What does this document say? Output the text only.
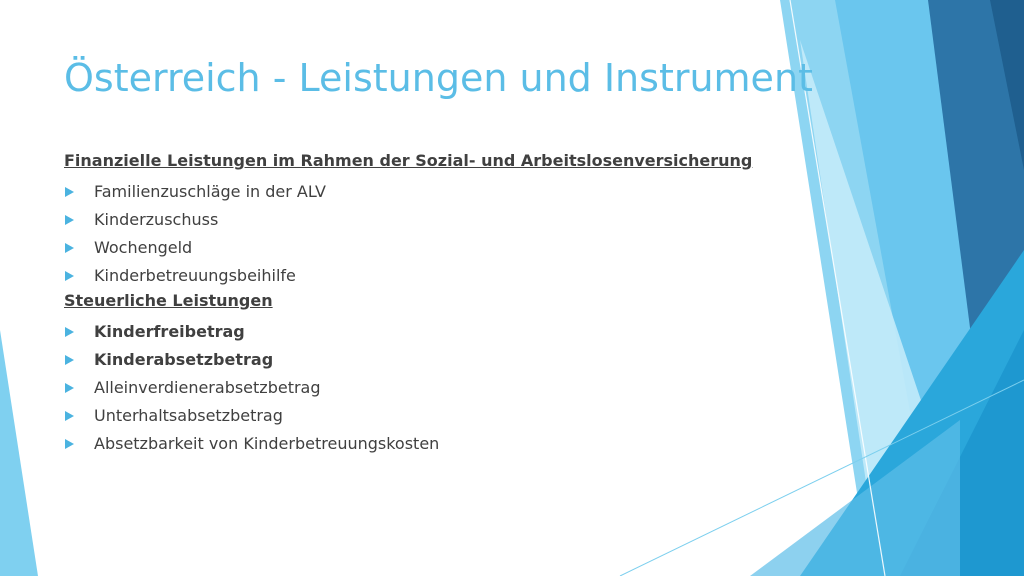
Österreich - Leistungen und Instrument
Finanzielle Leistungen im Rahmen der Sozial- und Arbeitslosenversicherung
Familienzuschläge in der ALV
Kinderzuschuss
Wochengeld
Kinderbetreuungsbeihilfe
Steuerliche Leistungen
Kinderfreibetrag
Kinderabsetzbetrag
Alleinverdienerabsetzbetrag
Unterhaltsabsetzbetrag
Absetzbarkeit von Kinderbetreuungskosten
